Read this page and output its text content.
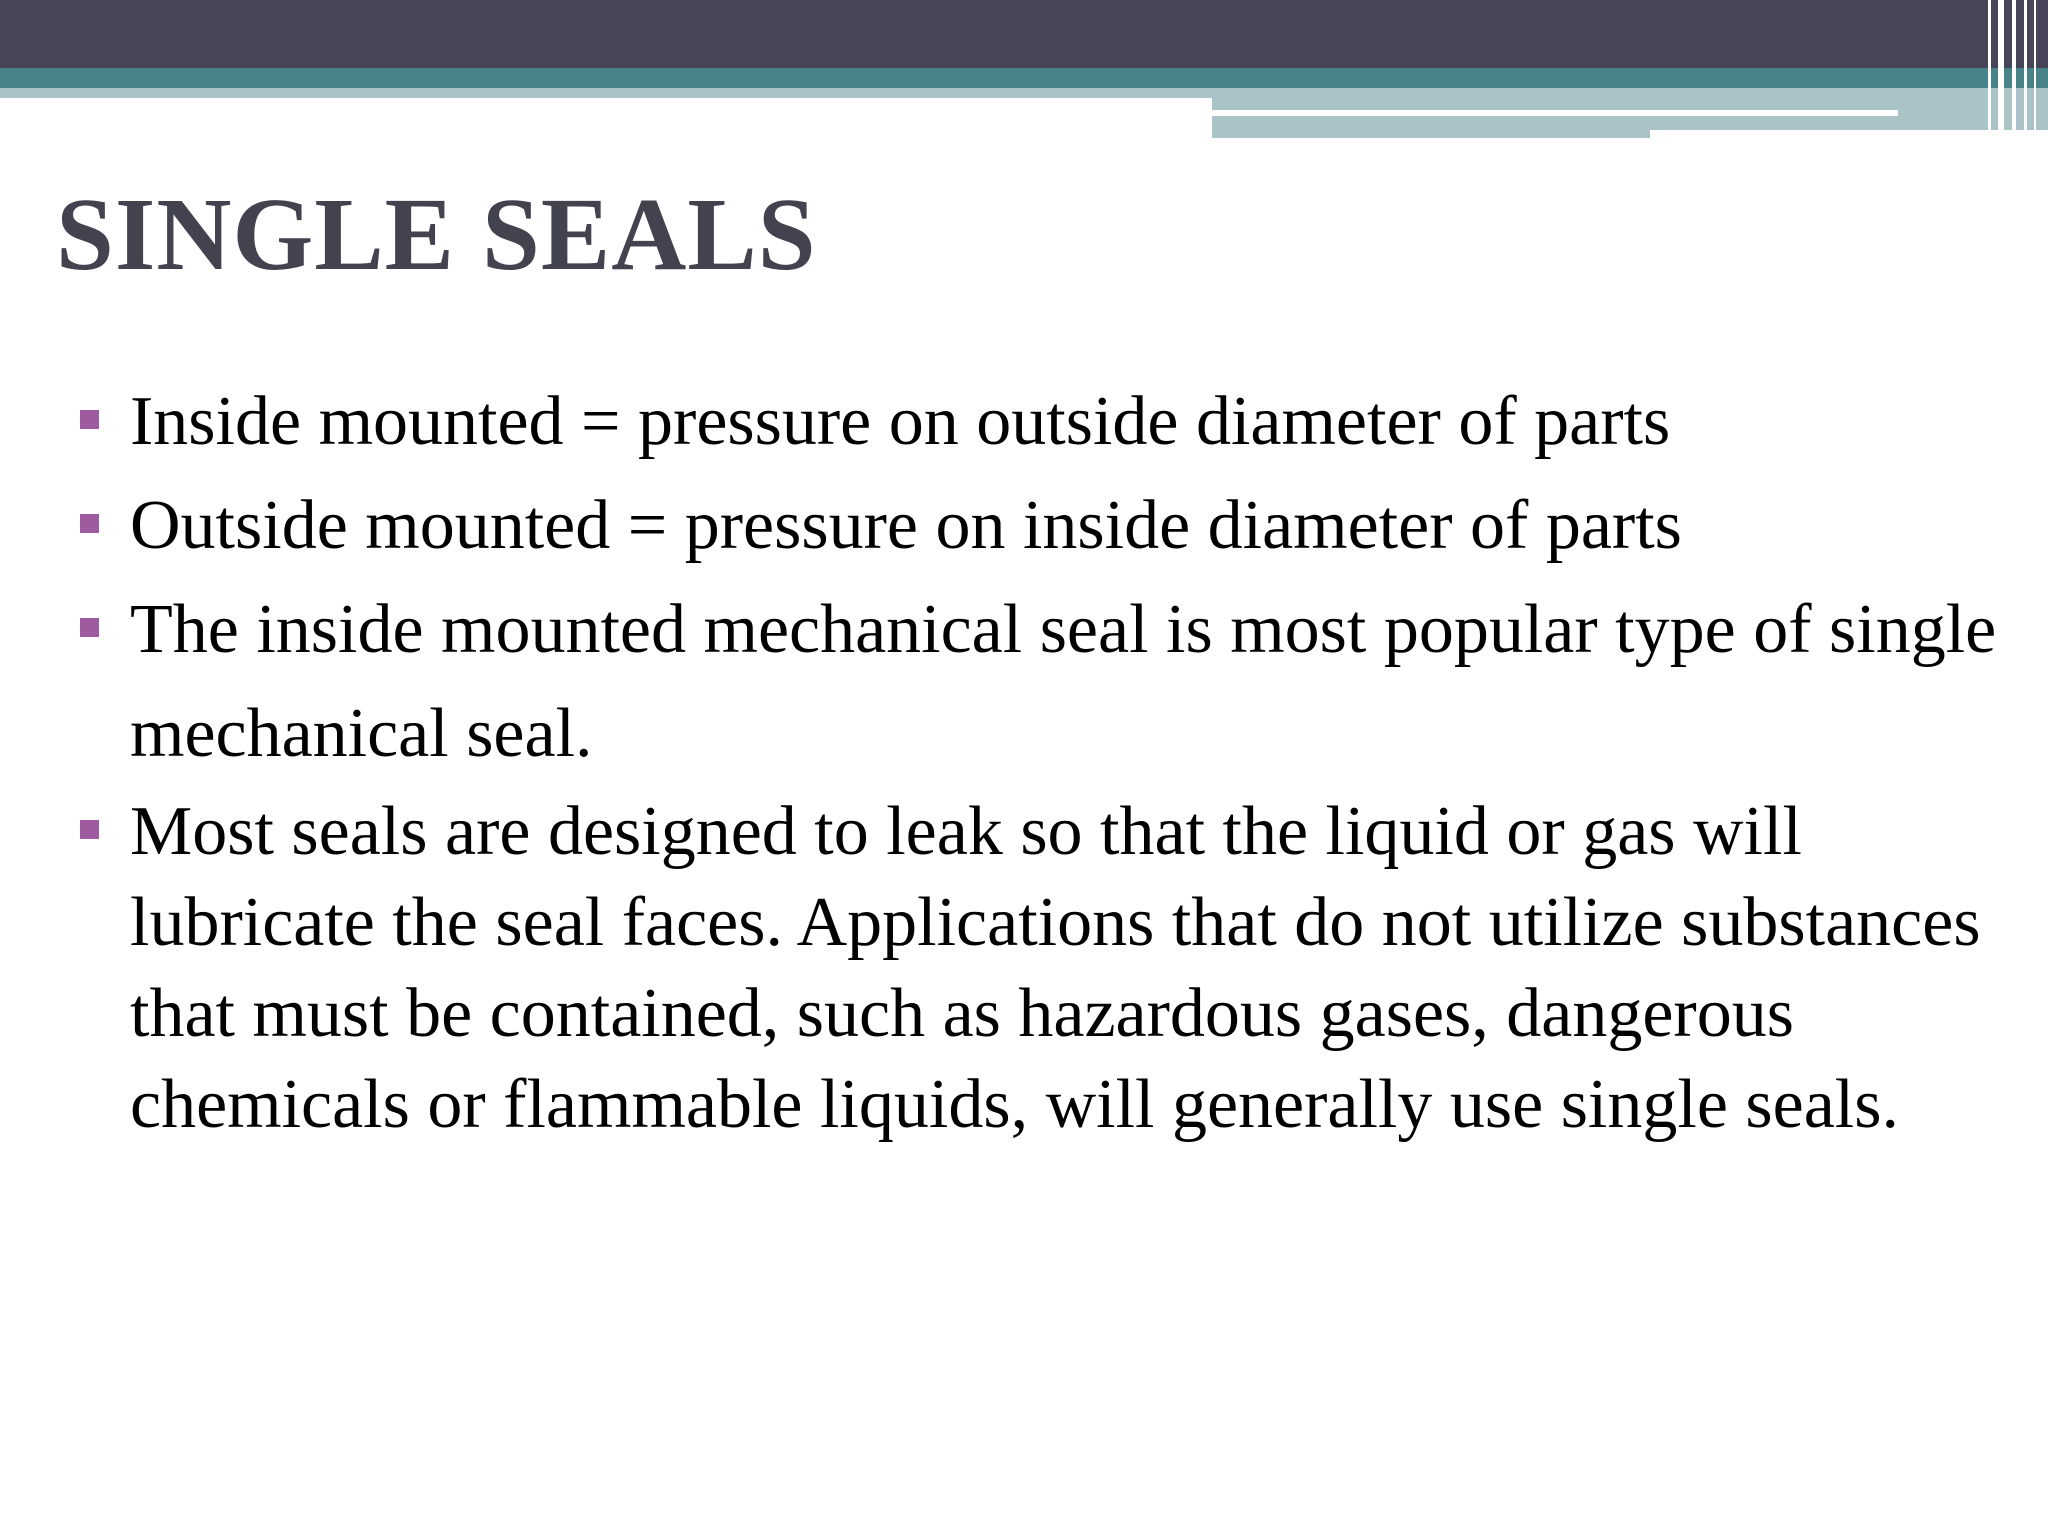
SINGLE SEALS
Inside mounted = pressure on outside diameter of parts
Outside mounted = pressure on inside diameter of parts
The inside mounted mechanical seal is most popular type of single mechanical seal.
Most seals are designed to leak so that the liquid or gas will lubricate the seal faces. Applications that do not utilize substances that must be contained, such as hazardous gases, dangerous chemicals or flammable liquids, will generally use single seals.
